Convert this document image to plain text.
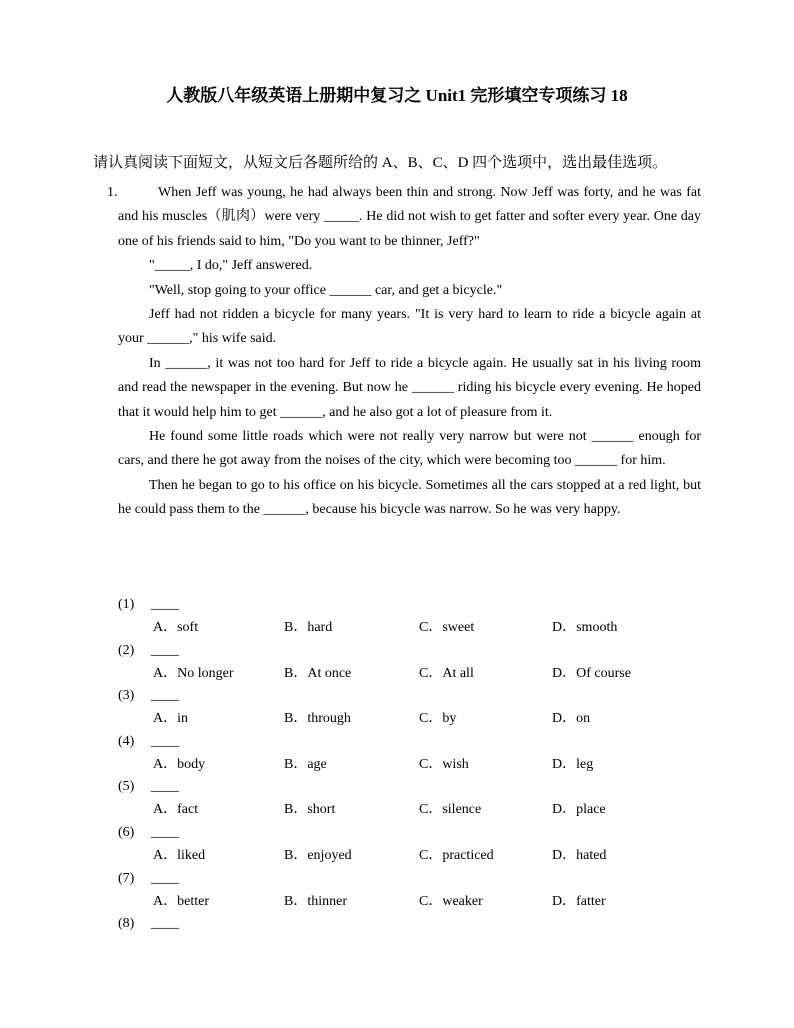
人教版八年级英语上册期中复习之 Unit1 完形填空专项练习 18
请认真阅读下面短文，从短文后各题所给的 A、B、C、D 四个选项中，选出最佳选项。
1.	When Jeff was young, he had always been thin and strong. Now Jeff was forty, and he was fat and his muscles（肌肉）were very _____. He did not wish to get fatter and softer every year. One day one of his friends said to him, "Do you want to be thinner, Jeff?"

"_____, I do," Jeff answered.

"Well, stop going to your office ______ car, and get a bicycle."

Jeff had not ridden a bicycle for many years. "It is very hard to learn to ride a bicycle again at your ______," his wife said.

In ______, it was not too hard for Jeff to ride a bicycle again. He usually sat in his living room and read the newspaper in the evening. But now he ______ riding his bicycle every evening. He hoped that it would help him to get ______, and he also got a lot of pleasure from it.

He found some little roads which were not really very narrow but were not ______ enough for cars, and there he got away from the noises of the city, which were becoming too ______ for him.

Then he began to go to his office on his bicycle. Sometimes all the cars stopped at a red light, but he could pass them to the ______, because his bicycle was narrow. So he was very happy.

(1) ____
A．soft	B．hard	C．sweet	D．smooth
(2) ____
A．No longer	B．At once	C．At all	D．Of course
(3) ____
A．in	B．through	C．by	D．on
(4) ____
A．body	B．age	C．wish	D．leg
(5) ____
A．fact	B．short	C．silence	D．place
(6) ____
A．liked	B．enjoyed	C．practiced	D．hated
(7) ____
A．better	B．thinner	C．weaker	D．fatter
(8) ____
